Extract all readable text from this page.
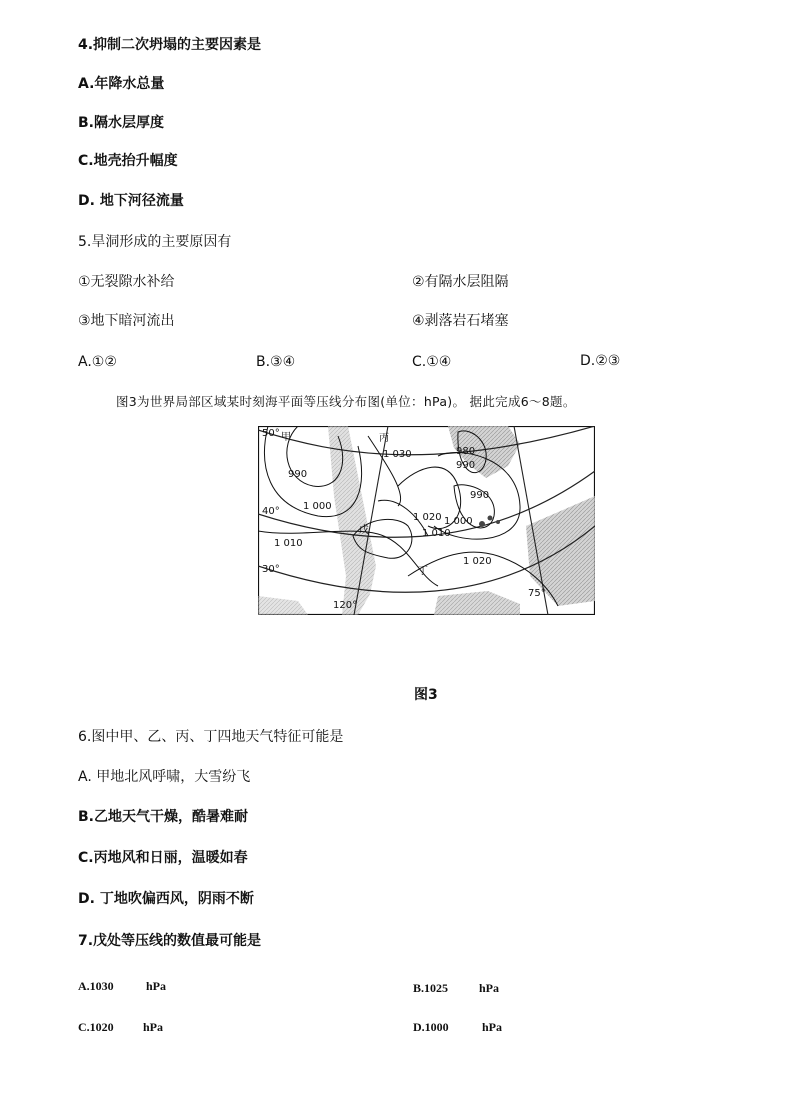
4.抑制二次坍塌的主要因素是
A.年降水总量
B.隔水层厚度
C.地壳抬升幅度
D. 地下河径流量
5.旱洞形成的主要原因有
①无裂隙水补给	②有隔水层阻隔
③地下暗河流出	④剥落岩石堵塞
A.①②	B.③④	C.①④	D.②③
图3为世界局部区域某时刻海平面等压线分布图(单位：hPa)。 据此完成6～8题。
50° 甲	丙
1 030	980
990
990
990
1 000
40°
1 020 1 000
戊	1 010
1 010
1 020
30°	丁
75°
120°
图3
6.图中甲、乙、丙、丁四地天气特征可能是
A. 甲地北风呼啸，大雪纷飞
B.乙地天气干燥，酷暑难耐
C.丙地风和日丽，温暖如春
D. 丁地吹偏西风，阴雨不断
7.戊处等压线的数值最可能是
A.1030	hPa	B.1025	hPa
C.1020 hPa	D.1000	hPa
